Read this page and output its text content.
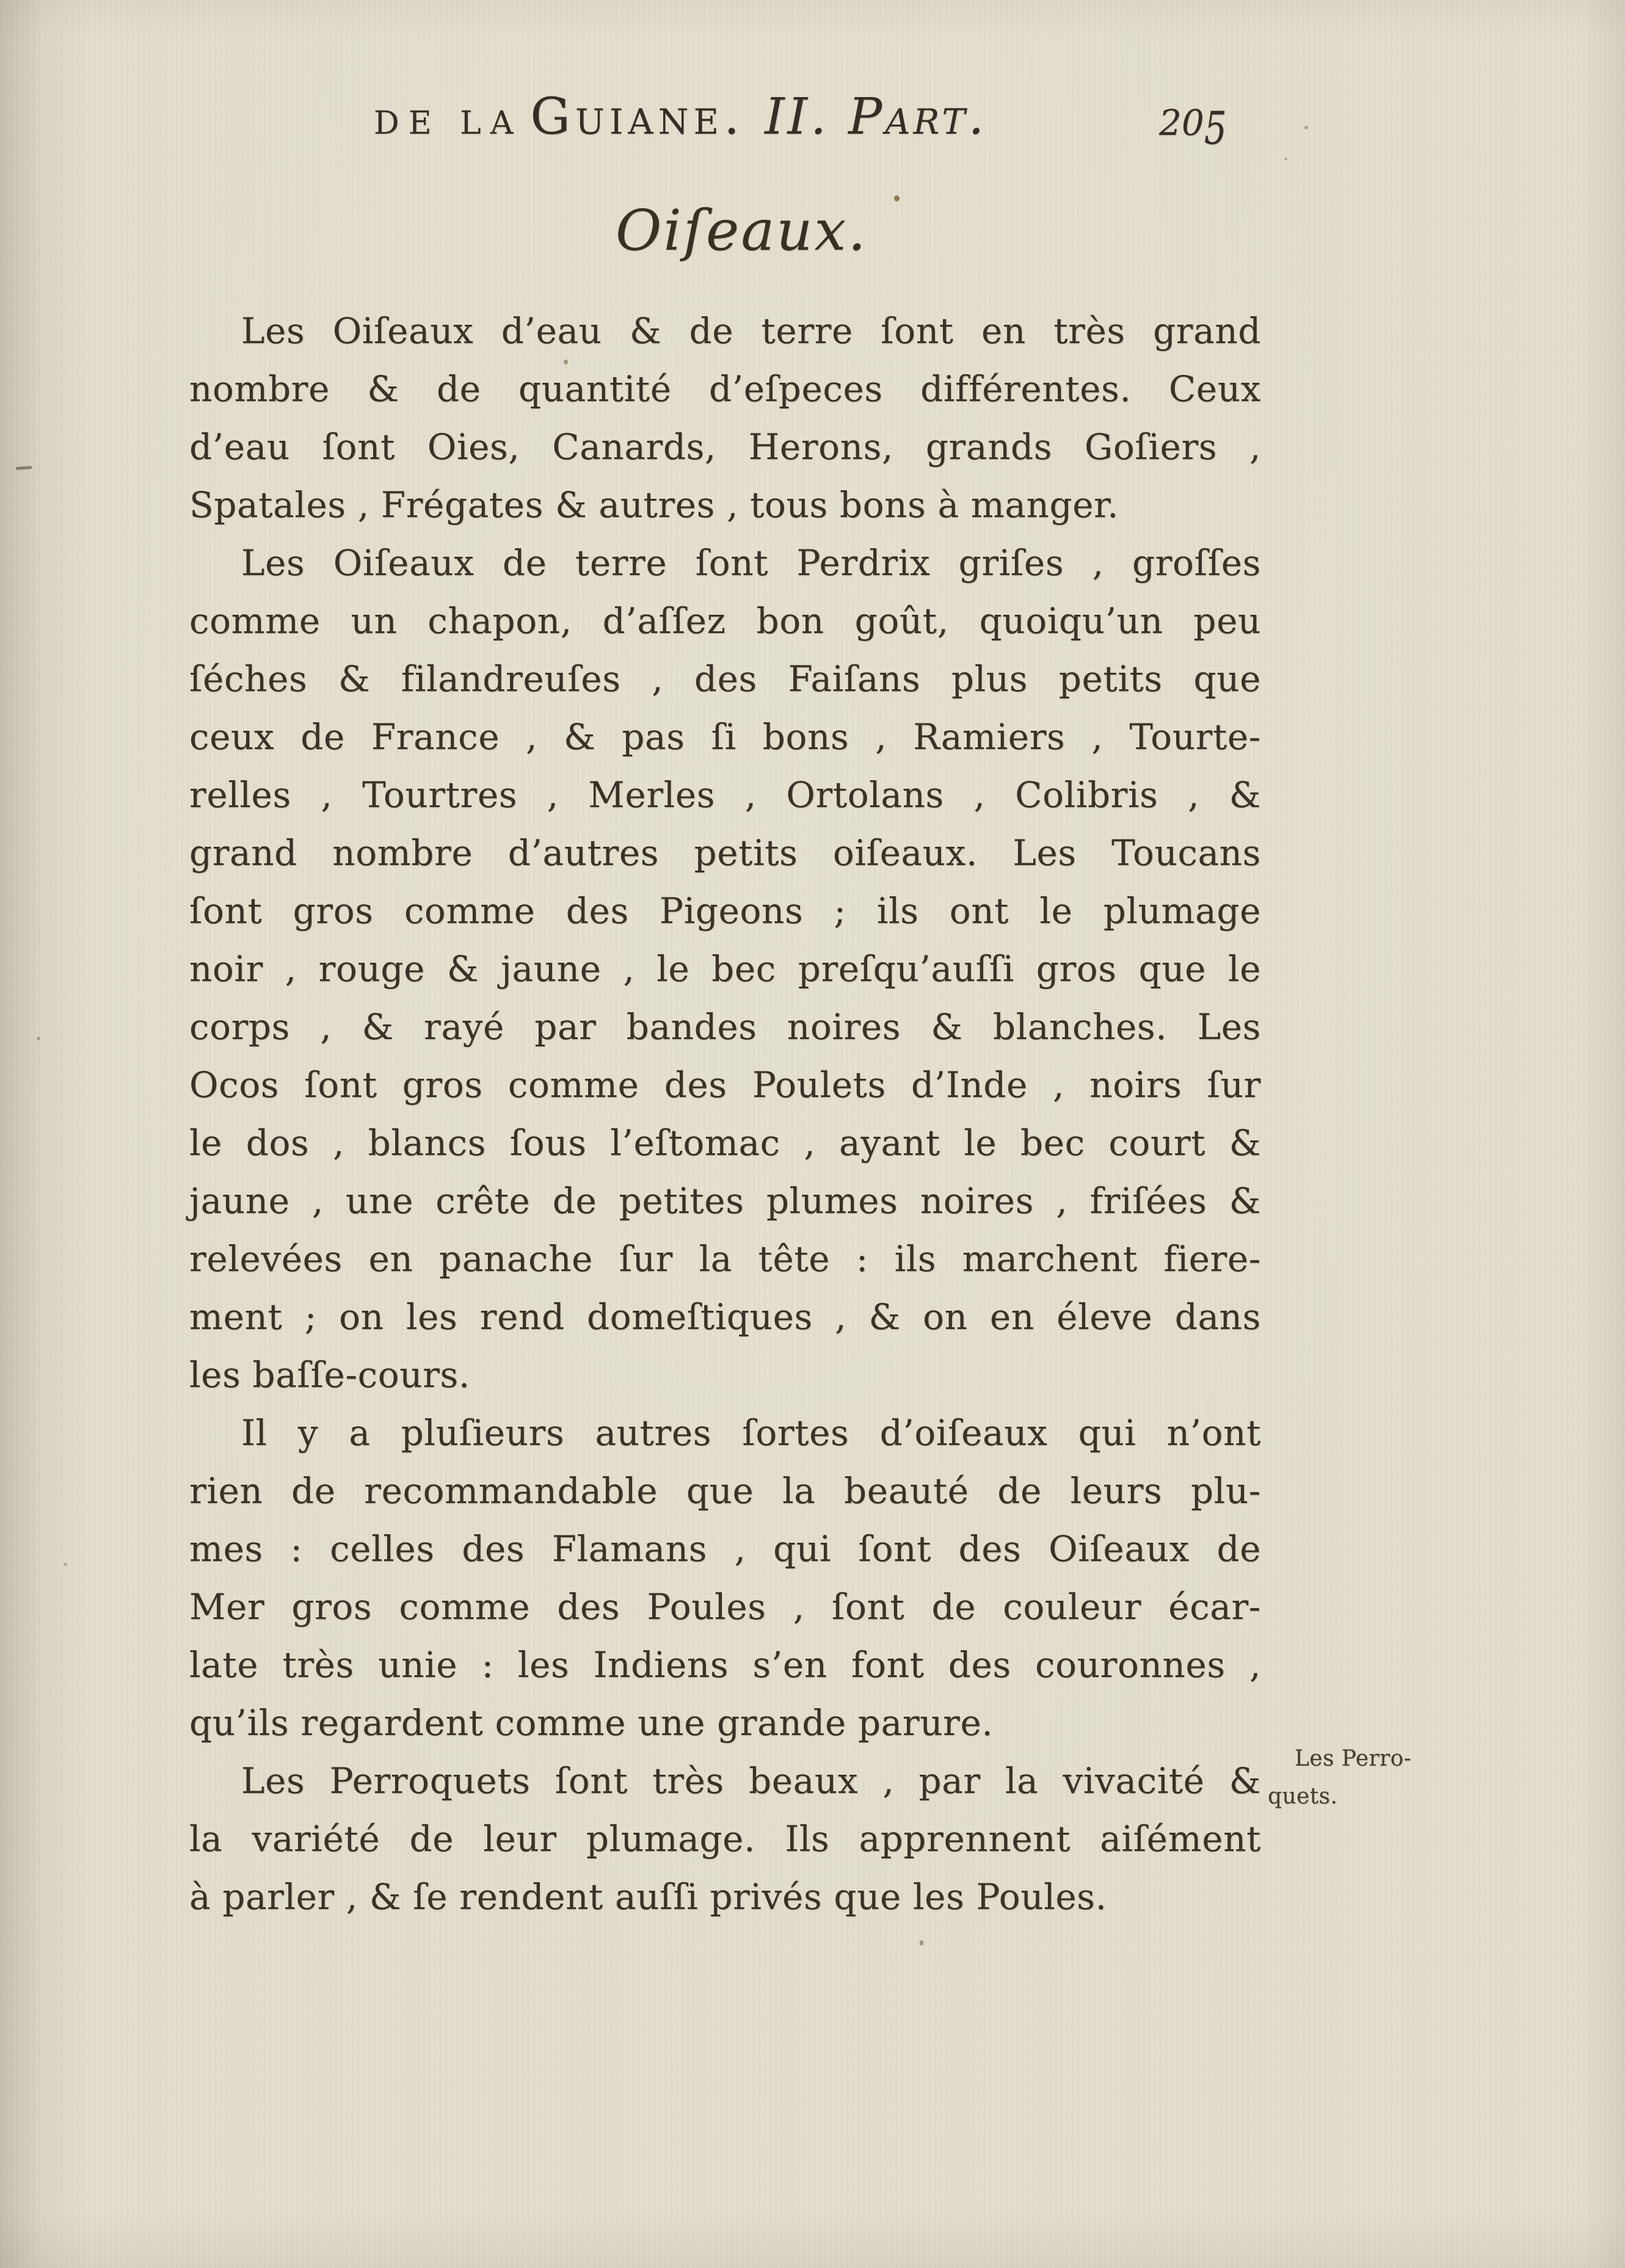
DE LA Guiane. II. Part.	205
Oiſeaux.
Les Oiſeaux d’eau & de terre ſont en très grand
nombre & de quantité d’eſpeces différentes. Ceux
d’eau ſont Oies, Canards, Herons, grands Goſiers ,
Spatales , Frégates & autres , tous bons à manger.
Les Oiſeaux de terre ſont Perdrix griſes , groſſes
comme un chapon, d’aſſez bon goût, quoiqu’un peu
ſéches & filandreuſes , des Faiſans plus petits que
ceux de France , & pas ſi bons , Ramiers , Tourte-
relles , Tourtres , Merles , Ortolans , Colibris , &
grand nombre d’autres petits oiſeaux. Les Toucans
ſont gros comme des Pigeons ; ils ont le plumage
noir , rouge & jaune , le bec preſqu’auſſi gros que le
corps , & rayé par bandes noires & blanches. Les
Ocos ſont gros comme des Poulets d’Inde , noirs ſur
le dos , blancs ſous l’eſtomac , ayant le bec court &
jaune , une crête de petites plumes noires , friſées &
relevées en panache ſur la tête : ils marchent fiere-
ment ; on les rend domeſtiques , & on en éleve dans
les baſſe-cours.
Il y a pluſieurs autres ſortes d’oiſeaux qui n’ont
rien de recommandable que la beauté de leurs plu-
mes : celles des Flamans , qui ſont des Oiſeaux de
Mer gros comme des Poules , ſont de couleur écar-
late très unie : les Indiens s’en font des couronnes ,
qu’ils regardent comme une grande parure.
Les Perroquets ſont très beaux , par la vivacité &
la variété de leur plumage. Ils apprennent aiſément
à parler , & ſe rendent auſſi privés que les Poules.
Les Perro-
quets.
